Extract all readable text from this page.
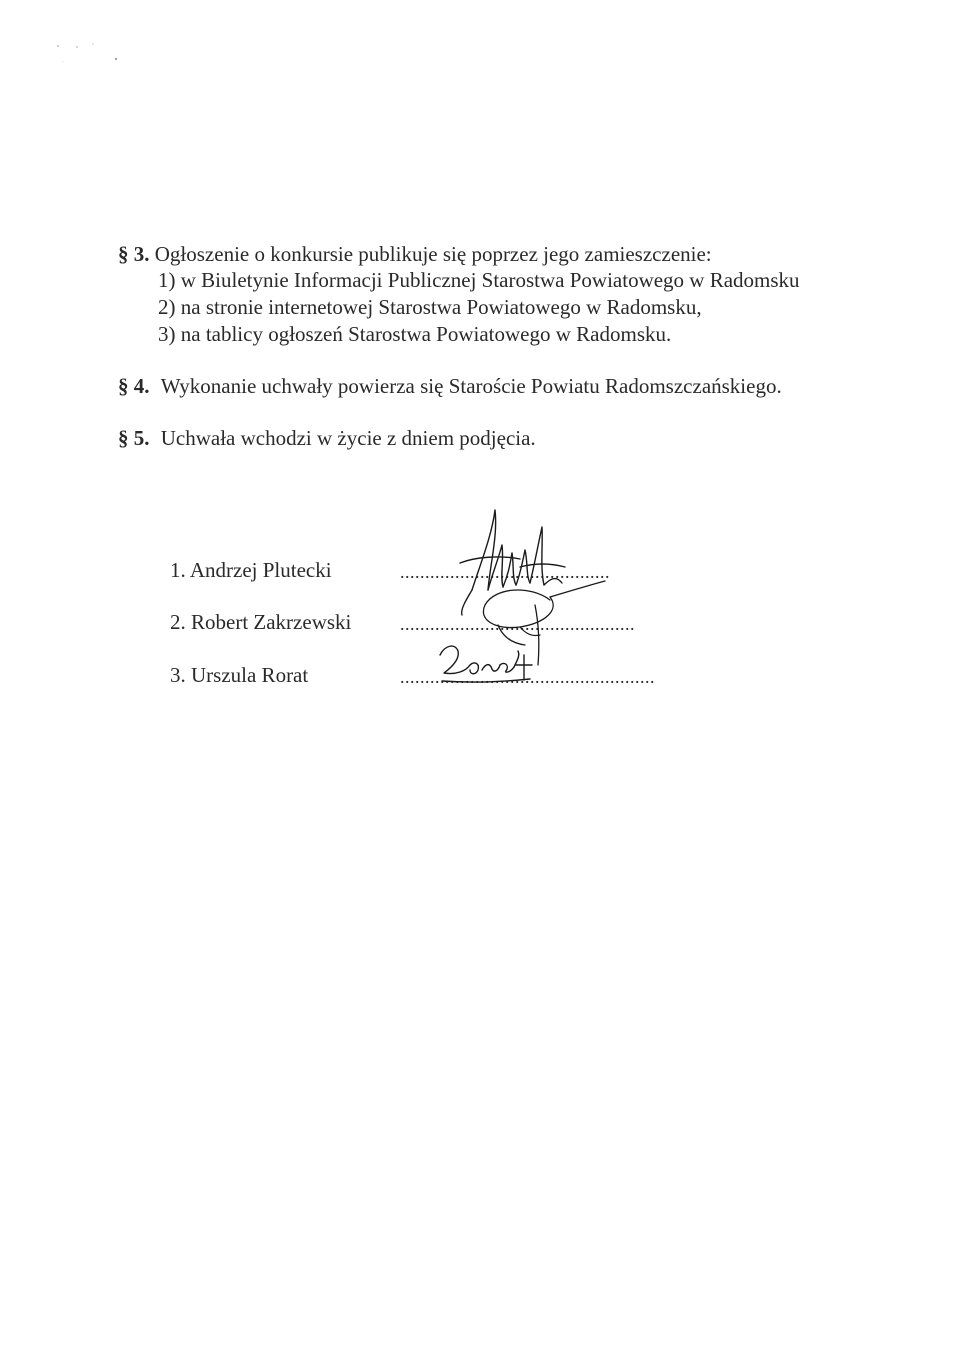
§ 3. Ogłoszenie o konkursie publikuje się poprzez jego zamieszczenie:
1) w Biuletynie Informacji Publicznej Starostwa Powiatowego w Radomsku
2) na stronie internetowej Starostwa Powiatowego w Radomsku,
3) na tablicy ogłoszeń Starostwa Powiatowego w Radomsku.
§ 4. Wykonanie uchwały powierza się Staroście Powiatu Radomszczańskiego.
§ 5. Uchwała wchodzi w życie z dniem podjęcia.
1. Andrzej Plutecki	..........................................
2. Robert Zakrzewski	...............................................
3. Urszula Rorat	...................................................
